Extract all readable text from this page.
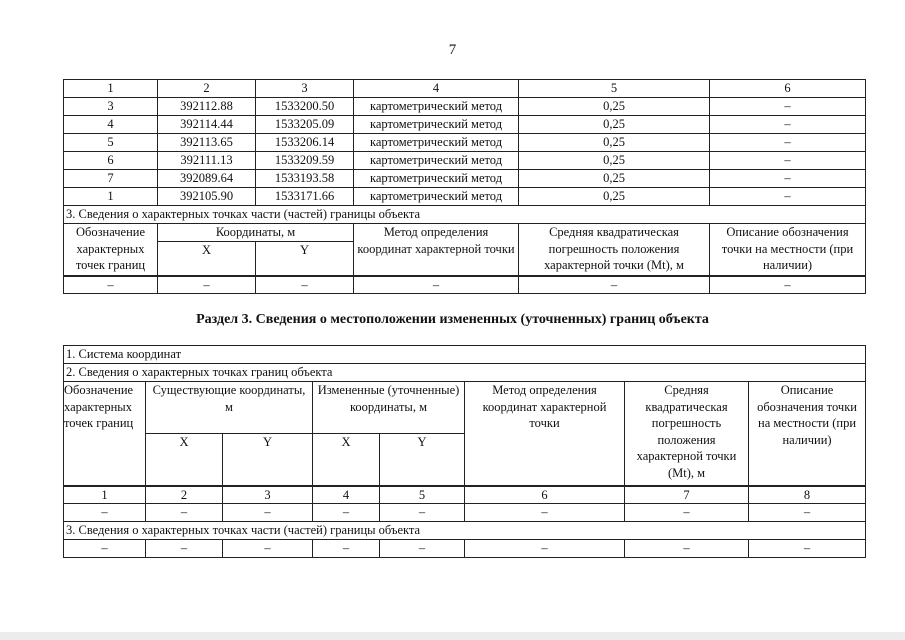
7
1	2	3	4	5	6
3	392112.88	1533200.50	картометрический метод	0,25	–
4	392114.44	1533205.09	картометрический метод	0,25	–
5	392113.65	1533206.14	картометрический метод	0,25	–
6	392111.13	1533209.59	картометрический метод	0,25	–
7	392089.64	1533193.58	картометрический метод	0,25	–
1	392105.90	1533171.66	картометрический метод	0,25	–
3. Сведения о характерных точках части (частей) границы объекта					
Обозначение характерных точек границ	Координаты, м		Метод определения координат характерной точки	Средняя квадратическая погрешность положения характерной точки (Mt), м	Описание обозначения точки на местности (при наличии)
	X	Y			
–	–	–	–	–	–
Раздел 3. Сведения о местоположении измененных (уточненных) границ объекта
1. Система координат							
2. Сведения о характерных точках границ объекта							
Обозначение характерных точек границ	Существующие координаты, м		Измененные (уточненные) координаты, м		Метод определения координат характерной точки	Средняя квадратическая погрешность положения характерной точки (Mt), м	Описание обозначения точки на местности (при наличии)
	X	Y	X	Y			
1	2	3	4	5	6	7	8
–	–	–	–	–	–	–	–
3. Сведения о характерных точках части (частей) границы объекта							
–	–	–	–	–	–	–	–
